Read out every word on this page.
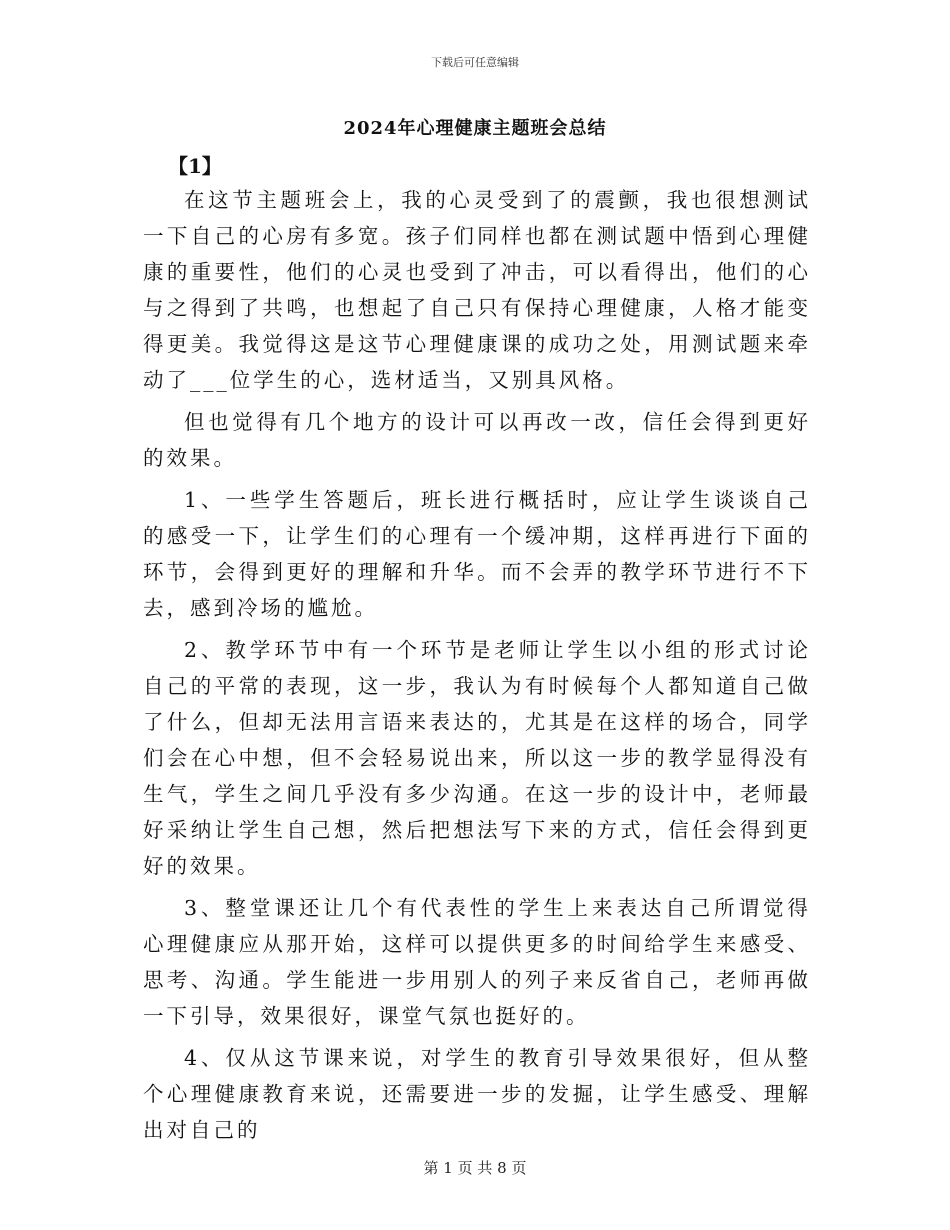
下载后可任意编辑
2024年心理健康主题班会总结
【1】

在这节主题班会上，我的心灵受到了的震颤，我也很想测试一下自己的心房有多宽。孩子们同样也都在测试题中悟到心理健康的重要性，他们的心灵也受到了冲击，可以看得出，他们的心与之得到了共鸣，也想起了自己只有保持心理健康，人格才能变得更美。我觉得这是这节心理健康课的成功之处，用测试题来牵动了___位学生的心，选材适当，又别具风格。

但也觉得有几个地方的设计可以再改一改，信任会得到更好的效果。

1、一些学生答题后，班长进行概括时，应让学生谈谈自己的感受一下，让学生们的心理有一个缓冲期，这样再进行下面的环节，会得到更好的理解和升华。而不会弄的教学环节进行不下去，感到冷场的尴尬。

2、教学环节中有一个环节是老师让学生以小组的形式讨论自己的平常的表现，这一步，我认为有时候每个人都知道自己做了什么，但却无法用言语来表达的，尤其是在这样的场合，同学们会在心中想，但不会轻易说出来，所以这一步的教学显得没有生气，学生之间几乎没有多少沟通。在这一步的设计中，老师最好采纳让学生自己想，然后把想法写下来的方式，信任会得到更好的效果。

3、整堂课还让几个有代表性的学生上来表达自己所谓觉得心理健康应从那开始，这样可以提供更多的时间给学生来感受、思考、沟通。学生能进一步用别人的列子来反省自己，老师再做一下引导，效果很好，课堂气氛也挺好的。

4、仅从这节课来说，对学生的教育引导效果很好，但从整个心理健康教育来说，还需要进一步的发掘，让学生感受、理解出对自己的

第 1 页 共 8 页
